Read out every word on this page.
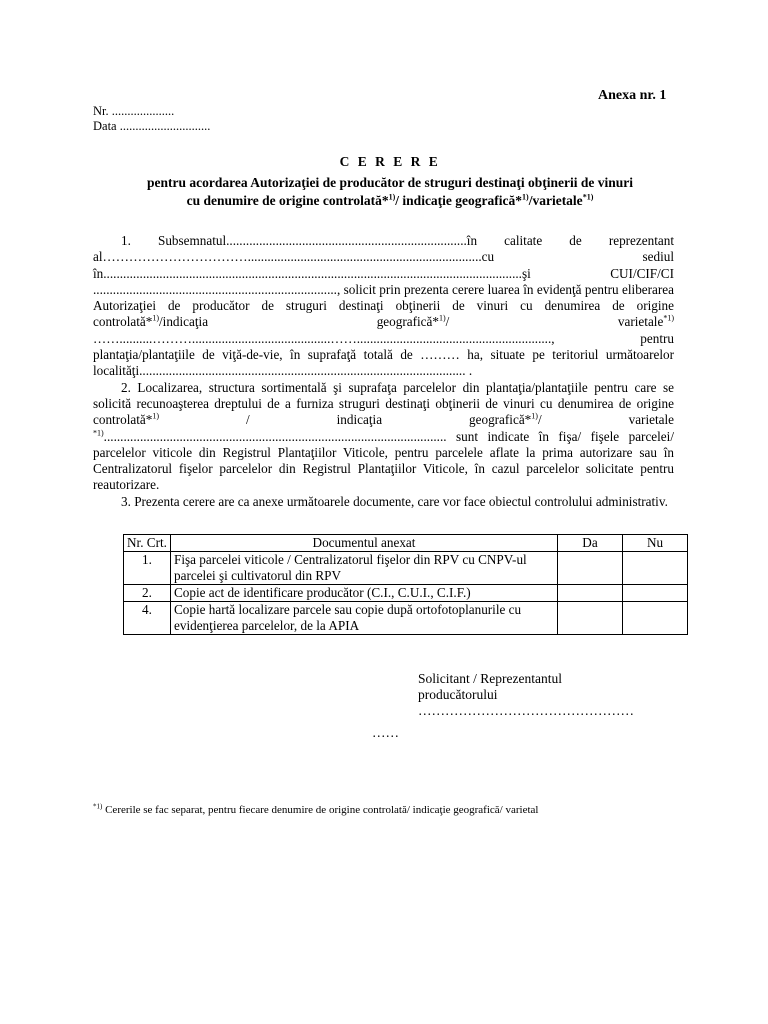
Anexa nr. 1
Nr. ....................
Data .............................
C E R E R E
pentru acordarea Autorizaţiei de producător de struguri destinaţi obţinerii de vinuri
cu denumire de origine controlată*$^{1)}$/ indicaţie geografică*$^{1)}$/varietale$^{*1)}$

1. Subsemnatul.........................................................................în calitate de reprezentant al…………………………….......................................................................cu sediul în...............................................................................................................................şi CUI/CIF/CI .........................................................................., solicit prin prezenta cerere luarea în evidenţă pentru eliberarea Autorizaţiei de producător de struguri destinaţi obţinerii de vinuri cu denumirea de origine controlată*$^{1)}$/indicaţia geografică*$^{1)}$/ varietale$^{*1)}$ ……..........………..........................................……..........................................................., pentru plantaţia/plantaţiile de viţă-de-vie, în suprafaţă totală de ……… ha, situate pe teritoriul următoarelor localităţi................................................................................................... .

2. Localizarea, structura sortimentală şi suprafaţa parcelelor din plantaţia/plantaţiile pentru care se solicită recunoaşterea dreptului de a furniza struguri destinaţi obţinerii de vinuri cu denumirea de origine controlată*$^{1)}$ / indicaţia geografică*$^{1)}$/ varietale $^{*1)}$........................................................................................................ sunt indicate în fişa/ fişele parcelei/ parcelelor viticole din Registrul Plantaţiilor Viticole, pentru parcelele aflate la prima autorizare sau în Centralizatorul fişelor parcelelor din Registrul Plantaţiilor Viticole, în cazul parcelelor solicitate pentru reautorizare.

3. Prezenta cerere are ca anexe următoarele documente, care vor face obiectul controlului administrativ.

Nr. Crt.	Documentul anexat	Da	Nu
1.	Fişa parcelei viticole / Centralizatorul fişelor din RPV cu CNPV-ul parcelei şi cultivatorul din RPV		
2.	Copie act de identificare producător (C.I., C.U.I., C.I.F.)		
4.	Copie hartă localizare parcele sau copie după ortofotoplanurile cu evidenţierea parcelelor, de la APIA		
Solicitant / Reprezentantul
producătorului
…………………………………………
……
$^{*1)}$ Cererile se fac separat, pentru fiecare denumire de origine controlată/ indicaţie geografică/ varietal
